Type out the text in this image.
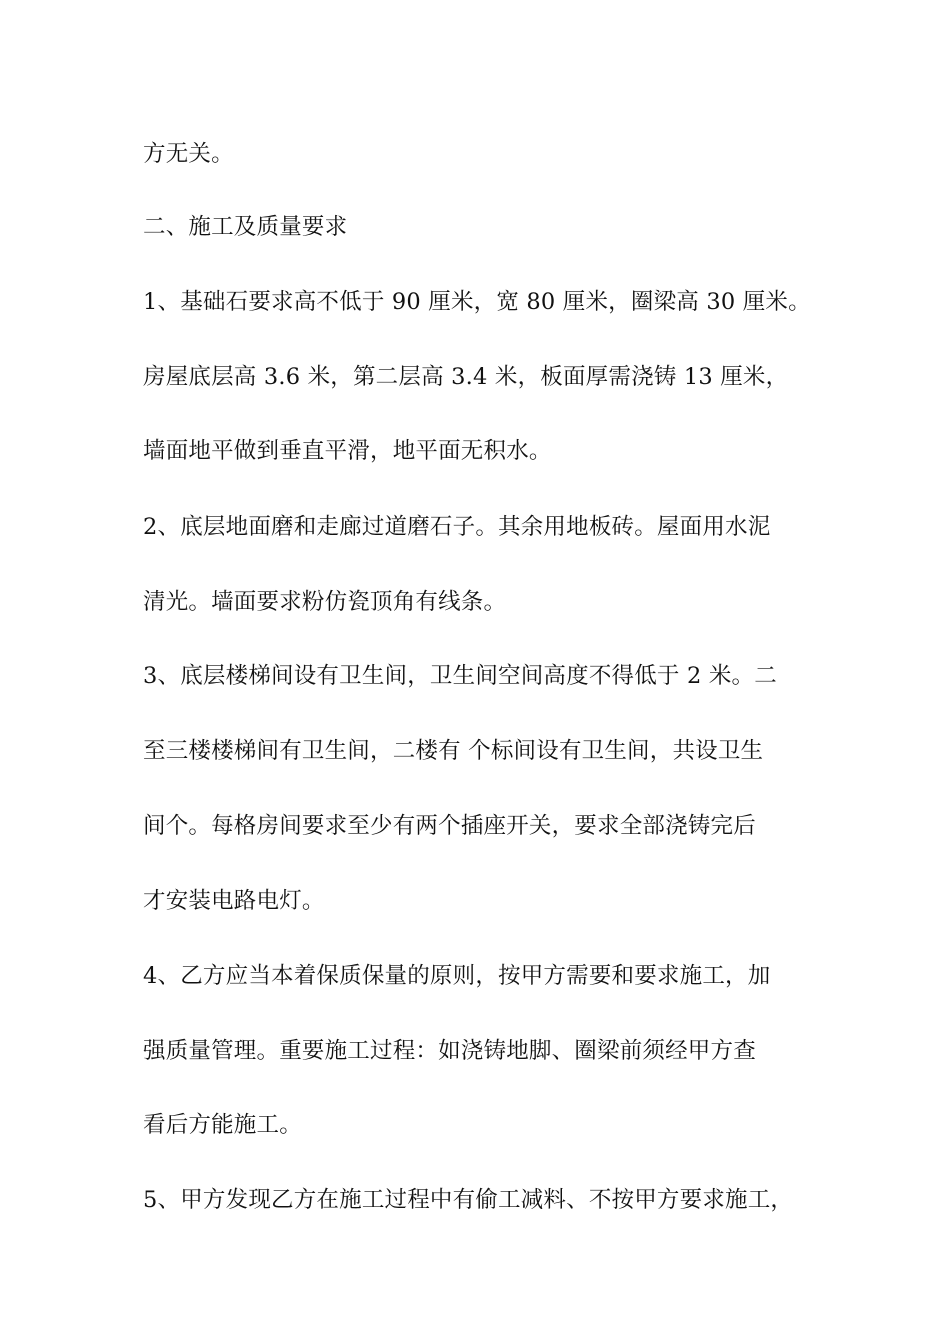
方无关。
二、施工及质量要求
1、基础石要求高不低于 90 厘米，宽 80 厘米，圈梁高 30 厘米。
房屋底层高 3.6 米，第二层高 3.4 米，板面厚需浇铸 13 厘米，
墙面地平做到垂直平滑，地平面无积水。
2、底层地面磨和走廊过道磨石子。其余用地板砖。屋面用水泥
清光。墙面要求粉仿瓷顶角有线条。
3、底层楼梯间设有卫生间，卫生间空间高度不得低于 2 米。二
至三楼楼梯间有卫生间，二楼有 个标间设有卫生间，共设卫生
间个。每格房间要求至少有两个插座开关，要求全部浇铸完后
才安装电路电灯。
4、乙方应当本着保质保量的原则，按甲方需要和要求施工，加
强质量管理。重要施工过程：如浇铸地脚、圈梁前须经甲方查
看后方能施工。
5、甲方发现乙方在施工过程中有偷工减料、不按甲方要求施工，
